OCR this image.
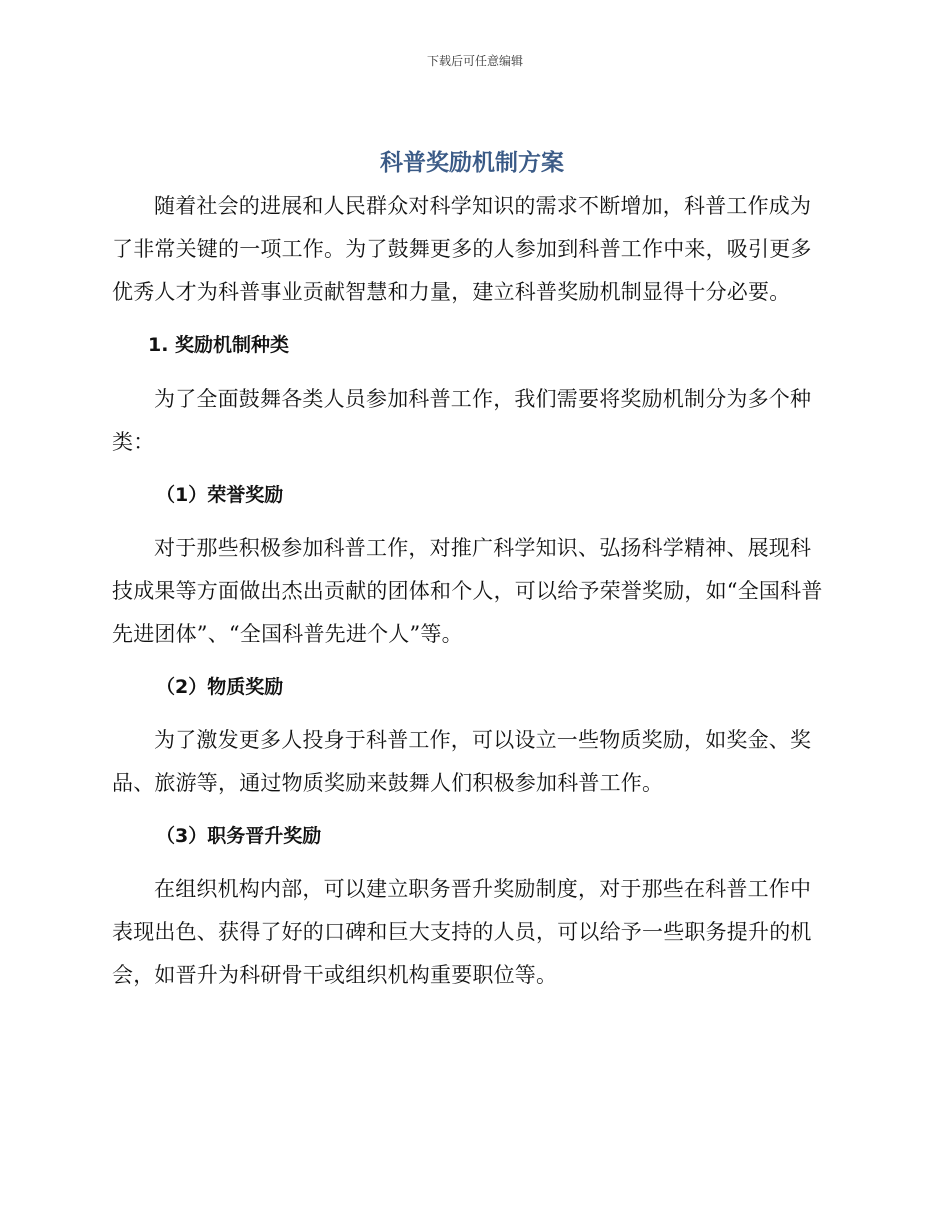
下载后可任意编辑
科普奖励机制方案

随着社会的进展和人民群众对科学知识的需求不断增加，科普工作成为了非常关键的一项工作。为了鼓舞更多的人参加到科普工作中来，吸引更多优秀人才为科普事业贡献智慧和力量，建立科普奖励机制显得十分必要。

1. 奖励机制种类

为了全面鼓舞各类人员参加科普工作，我们需要将奖励机制分为多个种类：

（1）荣誉奖励

对于那些积极参加科普工作，对推广科学知识、弘扬科学精神、展现科技成果等方面做出杰出贡献的团体和个人，可以给予荣誉奖励，如“全国科普先进团体”、“全国科普先进个人”等。

（2）物质奖励

为了激发更多人投身于科普工作，可以设立一些物质奖励，如奖金、奖品、旅游等，通过物质奖励来鼓舞人们积极参加科普工作。

（3）职务晋升奖励

在组织机构内部，可以建立职务晋升奖励制度，对于那些在科普工作中表现出色、获得了好的口碑和巨大支持的人员，可以给予一些职务提升的机会，如晋升为科研骨干或组织机构重要职位等。
